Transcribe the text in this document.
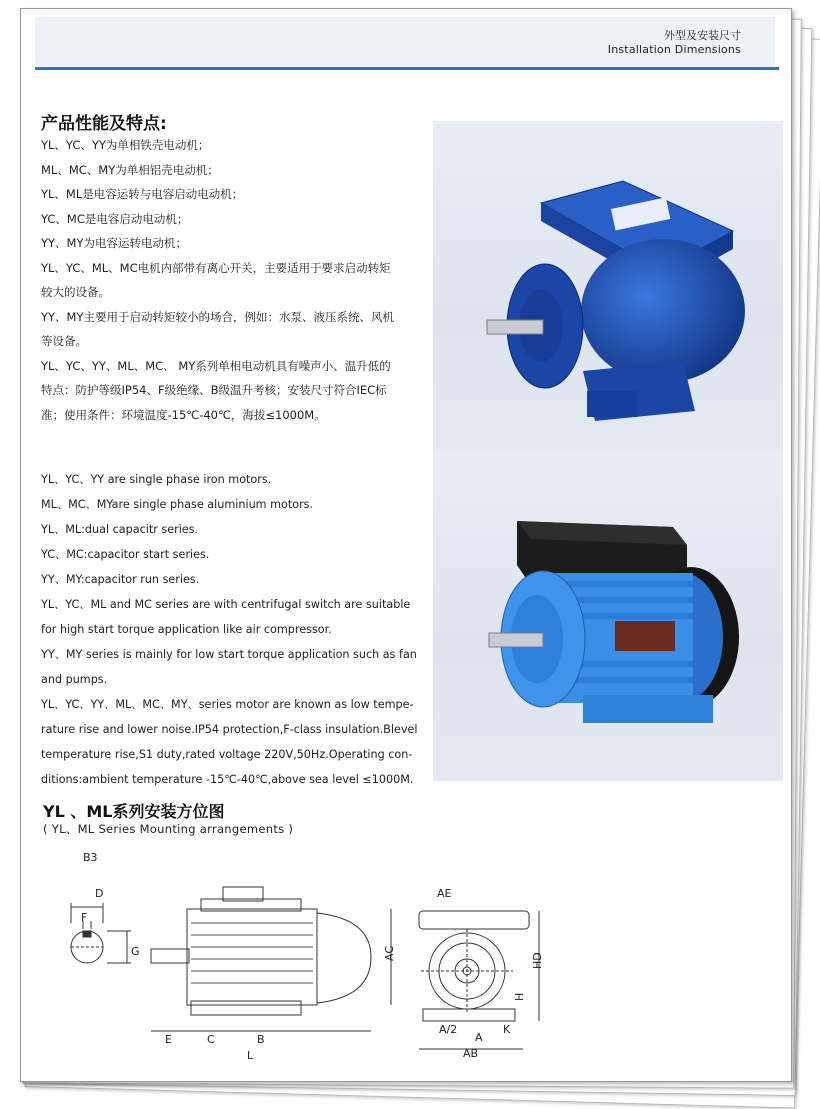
外型及安装尺寸
Installation Dimensions
产品性能及特点:
YL、YC、YY为单相铁壳电动机；
ML、MC、MY为单相铝壳电动机；
YL、ML是电容运转与电容启动电动机；
YC、MC是电容启动电动机；
YY、MY为电容运转电动机；
YL、YC、ML、MC电机内部带有离心开关，主要适用于要求启动转矩
较大的设备。
YY、MY主要用于启动转矩较小的场合，例如：水泵、液压系统、风机
等设备。
YL、YC、YY、ML、MC、 MY系列单相电动机具有噪声小、温升低的
特点：防护等级IP54、F级绝缘、B级温升考核；安装尺寸符合IEC标
准；使用条件：环境温度-15℃-40℃，海拔≤1000M。
YL、YC、YY are single phase iron motors.
ML、MC、MYare single phase aluminium motors.
YL、ML:dual capacitr series.
YC、MC:capacitor start series.
YY、MY:capacitor run series.
YL、YC、ML and MC series are with centrifugal switch are suitable
for high start torque application like air compressor.
YY、MY series is mainly for low start torque application such as fan
and pumps.
YL、YC、YY、ML、MC、MY、series motor are known as low tempe-
rature rise and lower noise.IP54 protection,F-class insulation.Blevel
temperature rise,S1 duty,rated voltage 220V,50Hz.Operating con-
ditions:ambient temperature -15℃-40℃,above sea level ≤1000M.
YL 、ML系列安装方位图
( YL、ML Series Mounting arrangements )
B3
D
F
G	AC
E	C	B
L
AE
HD
H
A/2
A
K
AB
